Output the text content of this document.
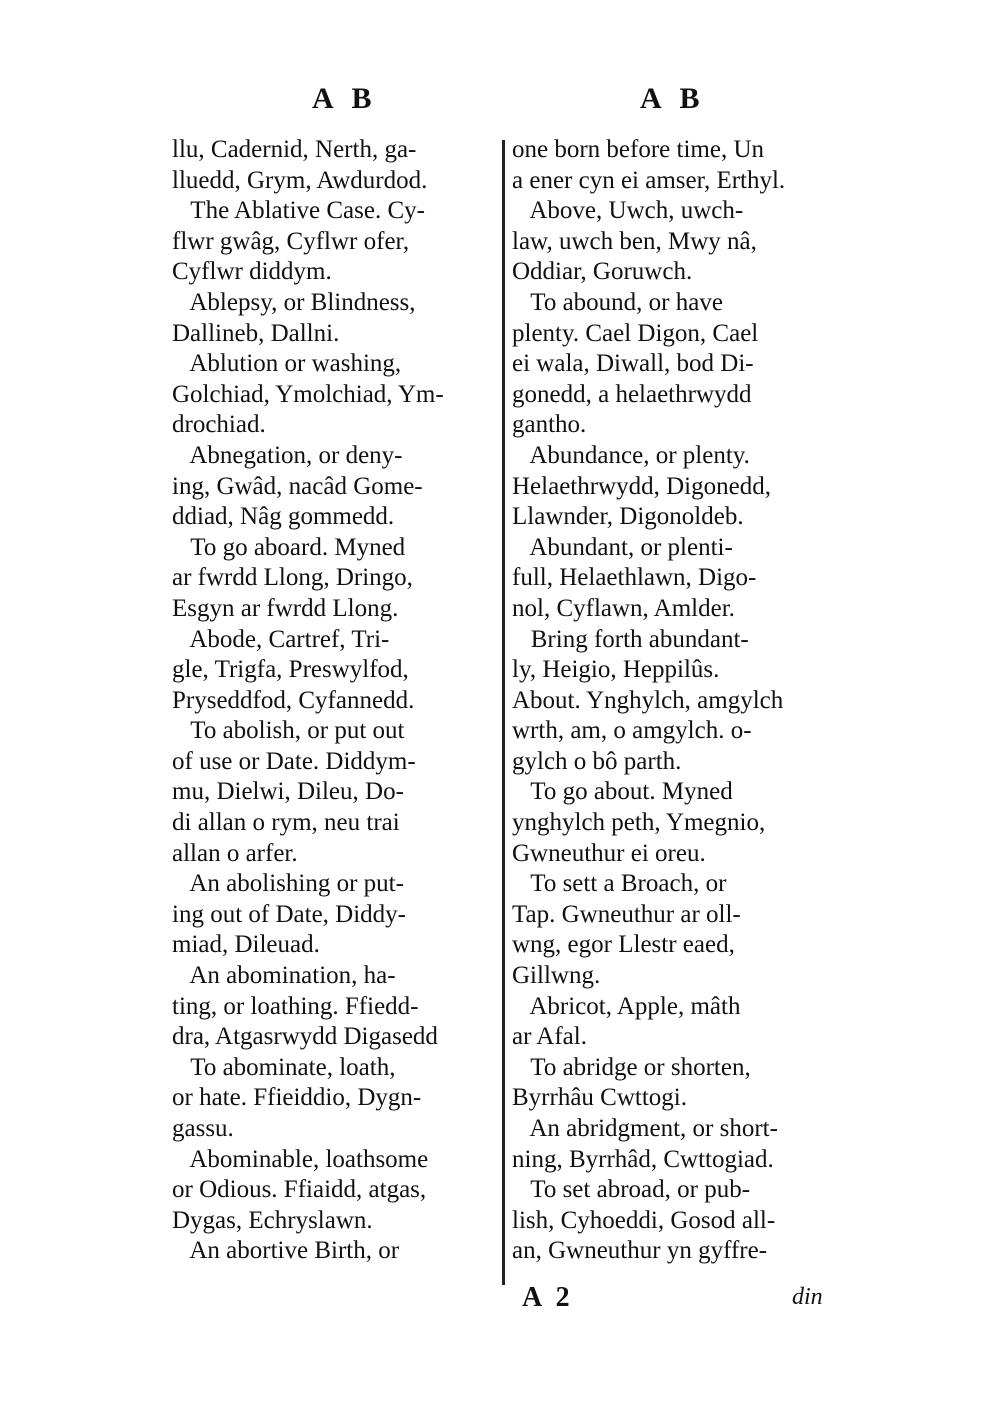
A B	A B
llu, Cadernid, Nerth, ga-
lluedd, Grym, Awdurdod.
The Ablative Case. Cy-
flwr gwâg, Cyflwr ofer,
Cyflwr diddym.
Ablepsy, or Blindness,
Dallineb, Dallni.
Ablution or washing,
Golchiad, Ymolchiad, Ym-
drochiad.
Abnegation, or deny-
ing, Gwâd, nacâd Gome-
ddiad, Nâg gommedd.
To go aboard. Myned
ar fwrdd Llong, Dringo,
Esgyn ar fwrdd Llong.
Abode, Cartref, Tri-
gle, Trigfa, Preswylfod,
Pryseddfod, Cyfannedd.
To abolish, or put out
of use or Date. Diddym-
mu, Dielwi, Dileu, Do-
di allan o rym, neu trai
allan o arfer.
An abolishing or put-
ing out of Date, Diddy-
miad, Dileuad.
An abomination, ha-
ting, or loathing. Ffiedd-
dra, Atgasrwydd Digasedd
To abominate, loath,
or hate. Ffieiddio, Dygn-
gassu.
Abominable, loathsome
or Odious. Ffiaidd, atgas,
Dygas, Echryslawn.
An abortive Birth, or
one born before time, Un
a ener cyn ei amser, Erthyl.
Above, Uwch, uwch-
law, uwch ben, Mwy nâ,
Oddiar, Goruwch.
To abound, or have
plenty. Cael Digon, Cael
ei wala, Diwall, bod Di-
gonedd, a helaethrwydd
gantho.
Abundance, or plenty.
Helaethrwydd, Digonedd,
Llawnder, Digonoldeb.
Abundant, or plenti-
full, Helaethlawn, Digo-
nol, Cyflawn, Amlder.
Bring forth abundant-
ly, Heigio, Heppilûs.
About. Ynghylch, amgylch
wrth, am, o amgylch. o-
gylch o bô parth.
To go about. Myned
ynghylch peth, Ymegnio,
Gwneuthur ei oreu.
To sett a Broach, or
Tap. Gwneuthur ar oll-
wng, egor Llestr eaed,
Gillwng.
Abricot, Apple, mâth
ar Afal.
To abridge or shorten,
Byrrhâu Cwttogi.
An abridgment, or short-
ning, Byrrhâd, Cwttogiad.
To set abroad, or pub-
lish, Cyhoeddi, Gosod all-
an, Gwneuthur yn gyffre-
A 2	din
